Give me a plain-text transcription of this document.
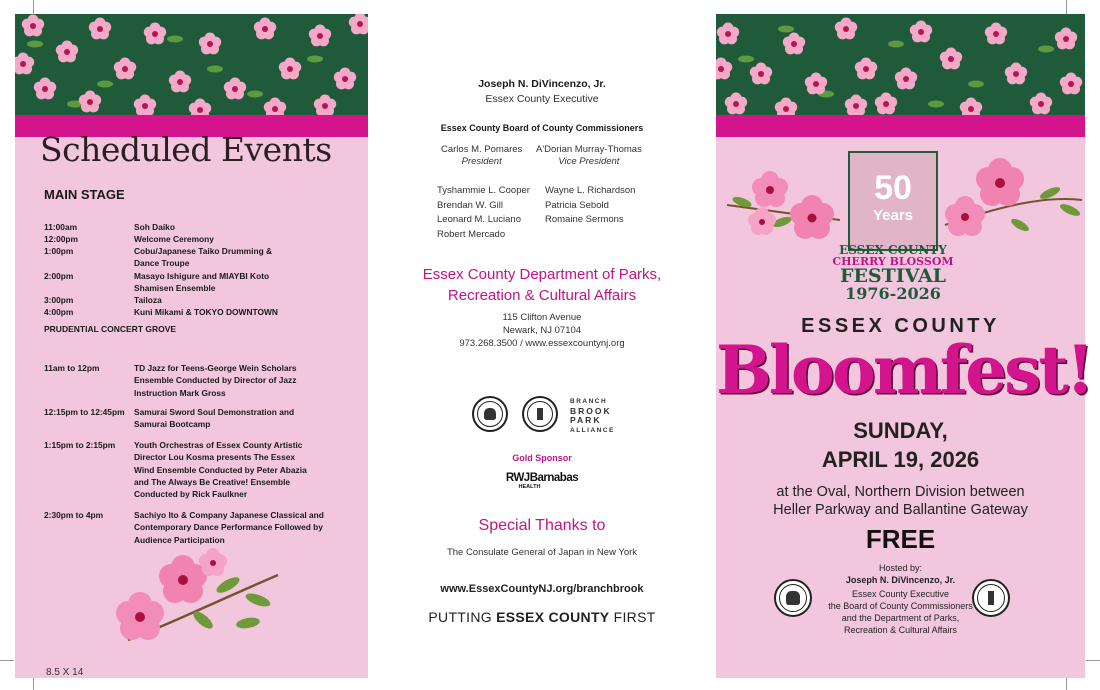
Scheduled Events
MAIN STAGE
11:00am	Soh Daiko
12:00pm	Welcome Ceremony
1:00pm	Cobu/Japanese Taiko Drumming & Dance Troupe
2:00pm	Masayo Ishigure and MIAYBI Koto Shamisen Ensemble
3:00pm	Tailoza
4:00pm	Kuni Mikami & TOKYO DOWNTOWN
PRUDENTIAL CONCERT GROVE
11am to 12pm	TD Jazz for Teens-George Wein Scholars Ensemble Conducted by Director of Jazz Instruction Mark Gross
12:15pm to 12:45pm	Samurai Sword Soul Demonstration and Samurai Bootcamp
1:15pm to 2:15pm	Youth Orchestras of Essex County Artistic Director Lou Kosma presents The Essex Wind Ensemble Conducted by Peter Abazia and The Always Be Creative! Ensemble Conducted by Rick Faulkner
2:30pm to 4pm	Sachiyo Ito & Company Japanese Classical and Contemporary Dance Performance Followed by Audience Participation
8.5 X 14
Joseph N. DiVincenzo, Jr.
Essex County Executive
Essex County Board of County Commissioners
Carlos M. Pomares
President
A'Dorian Murray-Thomas
Vice President
Tyshammie L. Cooper
Brendan W. Gill
Leonard M. Luciano
Robert Mercado
Wayne L. Richardson
Patricia Sebold
Romaine Sermons
Essex County Department of Parks, Recreation & Cultural Affairs
115 Clifton Avenue
Newark, NJ 07104
973.268.3500 / www.essexcountynj.org
BRANCH
BROOK
PARK
ALLIANCE
Gold Sponsor
RWJBarnabas
HEALTH
Special Thanks to
The Consulate General of Japan in New York
www.EssexCountyNJ.org/branchbrook
PUTTING ESSEX COUNTY FIRST
50
Years
ESSEX COUNTY
CHERRY BLOSSOM
FESTIVAL
1976-2026
ESSEX COUNTY
Bloomfest!
SUNDAY,
APRIL 19, 2026
at the Oval, Northern Division between
Heller Parkway and Ballantine Gateway
FREE
Hosted by:
Joseph N. DiVincenzo, Jr.
Essex County Executive
the Board of County Commissioners
and the Department of Parks,
Recreation & Cultural Affairs
